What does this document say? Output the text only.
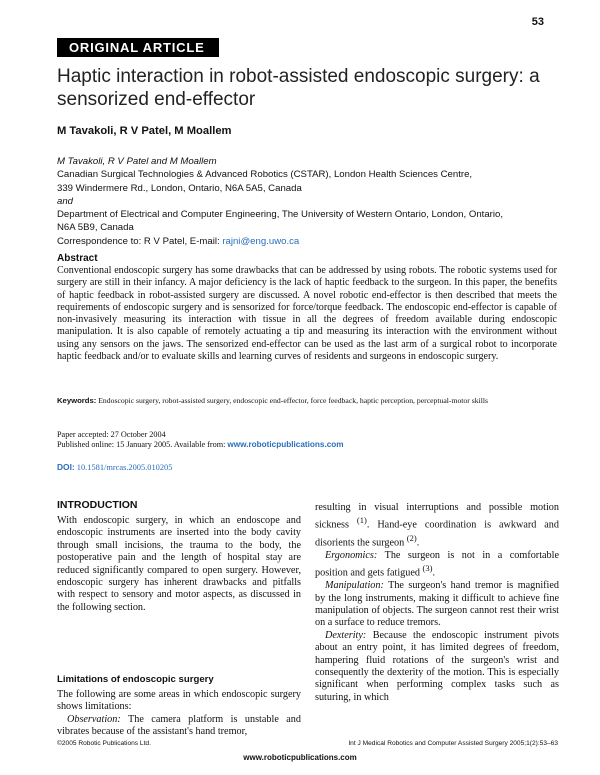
53
ORIGINAL ARTICLE
Haptic interaction in robot-assisted endoscopic surgery: a sensorized end-effector
M Tavakoli, R V Patel, M Moallem
M Tavakoli, R V Patel and M Moallem
Canadian Surgical Technologies & Advanced Robotics (CSTAR), London Health Sciences Centre,
339 Windermere Rd., London, Ontario, N6A 5A5, Canada
and
Department of Electrical and Computer Engineering, The University of Western Ontario, London, Ontario,
N6A 5B9, Canada
Correspondence to: R V Patel, E-mail: rajni@eng.uwo.ca
Abstract
Conventional endoscopic surgery has some drawbacks that can be addressed by using robots. The robotic systems used for surgery are still in their infancy. A major deficiency is the lack of haptic feedback to the surgeon. In this paper, the benefits of haptic feedback in robot-assisted surgery are discussed. A novel robotic end-effector is then described that meets the requirements of endoscopic surgery and is sensorized for force/torque feedback. The endoscopic end-effector is capable of non-invasively measuring its interaction with tissue in all the degrees of freedom available during endoscopic manipulation. It is also capable of remotely actuating a tip and measuring its interaction with the environment without using any sensors on the jaws. The sensorized end-effector can be used as the last arm of a surgical robot to incorporate haptic feedback and/or to evaluate skills and learning curves of residents and surgeons in endoscopic surgery.
Keywords: Endoscopic surgery, robot-assisted surgery, endoscopic end-effector, force feedback, haptic perception, perceptual-motor skills
Paper accepted: 27 October 2004
Published online: 15 January 2005. Available from: www.roboticpublications.com
DOI: 10.1581/mrcas.2005.010205
INTRODUCTION

With endoscopic surgery, in which an endoscope and endoscopic instruments are inserted into the body cavity through small incisions, the trauma to the body, the postoperative pain and the length of hospital stay are reduced significantly compared to open surgery. However, endoscopic surgery has inherent drawbacks and pitfalls with respect to sensory and motor aspects, as discussed in the following section.

Limitations of endoscopic surgery

The following are some areas in which endoscopic surgery shows limitations:

Observation: The camera platform is unstable and vibrates because of the assistant's hand tremor,

resulting in visual interruptions and possible motion sickness $^{(1)}$. Hand-eye coordination is awkward and disorients the surgeon $^{(2)}$.

Ergonomics: The surgeon is not in a comfortable position and gets fatigued $^{(3)}$.

Manipulation: The surgeon's hand tremor is magnified by the long instruments, making it difficult to achieve fine manipulation of objects. The surgeon cannot rest their wrist on a surface to reduce tremors.

Dexterity: Because the endoscopic instrument pivots about an entry point, it has limited degrees of freedom, hampering fluid rotations of the surgeon's wrist and consequently the dexterity of the motion. This is especially significant when performing complex tasks such as suturing, in which

©2005 Robotic Publications Ltd.	Int J Medical Robotics and Computer Assisted Surgery 2005;1(2):53–63
www.roboticpublications.com
